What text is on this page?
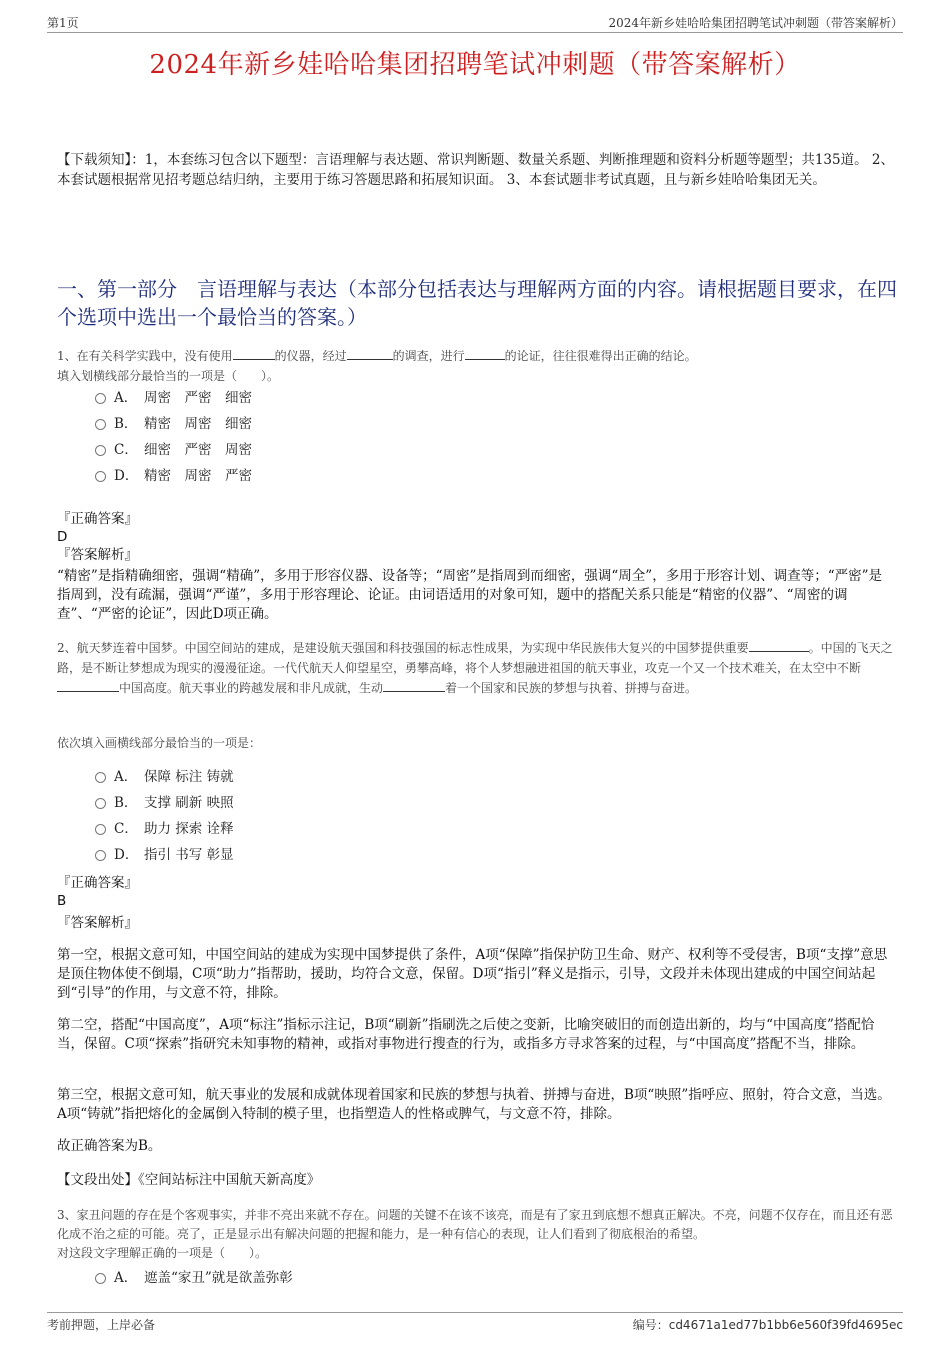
第1页	2024年新乡娃哈哈集团招聘笔试冲刺题（带答案解析）
2024年新乡娃哈哈集团招聘笔试冲刺题（带答案解析）
【下载须知】：1，本套练习包含以下题型：言语理解与表达题、常识判断题、数量关系题、判断推理题和资料分析题等题型；共135道。 2、本套试题根据常见招考题总结归纳，主要用于练习答题思路和拓展知识面。 3、本套试题非考试真题，且与新乡娃哈哈集团无关。
一、第一部分　言语理解与表达（本部分包括表达与理解两方面的内容。请根据题目要求，在四个选项中选出一个最恰当的答案。）
1、在有关科学实践中，没有使用	的仪器，经过	的调查，进行	的论证，往往很难得出正确的结论。
填入划横线部分最恰当的一项是（　　）。
A． 周密　严密　细密
B． 精密　周密　细密
C． 细密　严密　周密
D． 精密　周密　严密
『正确答案』
D
『答案解析』
“精密”是指精确细密，强调“精确”，多用于形容仪器、设备等；“周密”是指周到而细密，强调“周全”，多用于形容计划、调查等；“严密”是指周到，没有疏漏，强调“严谨”，多用于形容理论、论证。由词语适用的对象可知，题中的搭配关系只能是“精密的仪器”、“周密的调查”、“严密的论证”，因此D项正确。
2、航天梦连着中国梦。中国空间站的建成，是建设航天强国和科技强国的标志性成果，为实现中华民族伟大复兴的中国梦提供重要	。中国的飞天之路，是不断让梦想成为现实的漫漫征途。一代代航天人仰望星空，勇攀高峰，将个人梦想融进祖国的航天事业，攻克一个又一个技术难关，在太空中不断中国高度。航天事业的跨越发展和非凡成就，生动	着一个国家和民族的梦想与执着、拼搏与奋进。
依次填入画横线部分最恰当的一项是：
A． 保障 标注 铸就
B． 支撑 刷新 映照
C． 助力 探索 诠释
D． 指引 书写 彰显
『正确答案』
B
『答案解析』
第一空，根据文意可知，中国空间站的建成为实现中国梦提供了条件，A项“保障”指保护防卫生命、财产、权利等不受侵害，B项“支撑”意思是顶住物体使不倒塌，C项“助力”指帮助，援助，均符合文意，保留。D项“指引”释义是指示，引导，文段并未体现出建成的中国空间站起到“引导”的作用，与文意不符，排除。
第二空，搭配“中国高度”，A项“标注”指标示注记，B项“刷新”指刷洗之后使之变新，比喻突破旧的而创造出新的，均与“中国高度”搭配恰当，保留。C项“探索”指研究未知事物的精神，或指对事物进行搜查的行为，或指多方寻求答案的过程，与“中国高度”搭配不当，排除。
第三空，根据文意可知，航天事业的发展和成就体现着国家和民族的梦想与执着、拼搏与奋进，B项“映照”指呼应、照射，符合文意，当选。A项“铸就”指把熔化的金属倒入特制的模子里，也指塑造人的性格或脾气，与文意不符，排除。
故正确答案为B。
【文段出处】《空间站标注中国航天新高度》
3、家丑问题的存在是个客观事实，并非不亮出来就不存在。问题的关键不在该不该亮，而是有了家丑到底想不想真正解决。不亮，问题不仅存在，而且还有恶化成不治之症的可能。亮了，正是显示出有解决问题的把握和能力，是一种有信心的表现，让人们看到了彻底根治的希望。
对这段文字理解正确的一项是（　　）。
A． 遮盖“家丑”就是欲盖弥彰
考前押题，上岸必备	编号：cd4671a1ed77b1bb6e560f39fd4695ec
